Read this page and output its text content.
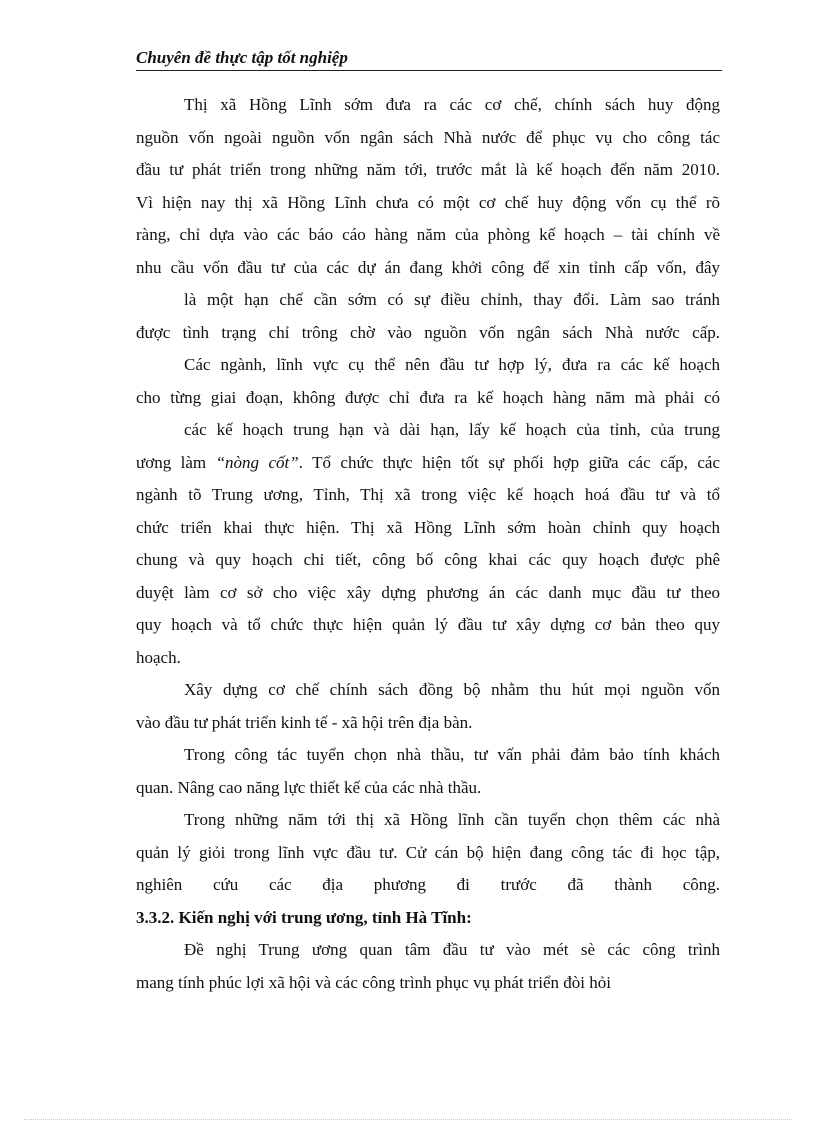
Chuyên đề thực tập tốt nghiệp
Thị xã Hồng Lĩnh sớm đưa ra các cơ chế, chính sách huy động
nguồn vốn ngoài nguồn vốn ngân sách Nhà nước để phục vụ cho công tác
đầu tư phát triển trong những năm tới, trước mắt là kế hoạch đến năm 2010.
Vì hiện nay thị xã Hồng Lĩnh chưa có một cơ chế huy động vốn cụ thể rõ
ràng, chỉ dựa vào các báo cáo hàng năm của phòng kế hoạch – tài chính về
nhu cầu vốn đầu tư của các dự án đang khởi công để xin tỉnh cấp vốn, đây
là một hạn chế cần sớm có sự điều chỉnh, thay đổi. Làm sao tránh
được tình trạng chỉ trông chờ vào nguồn vốn ngân sách Nhà nước cấp.
Các ngành, lĩnh vực cụ thể nên đầu tư hợp lý, đưa ra các kế hoạch
cho từng giai đoạn, không được chỉ đưa ra kế hoạch hàng năm mà phải có
các kế hoạch trung hạn và dài hạn, lấy kế hoạch của tỉnh, của trung
ương làm “nòng cốt”. Tổ chức thực hiện tốt sự phối hợp giữa các cấp, các
ngành tõ Trung ương, Tỉnh, Thị xã trong việc kế hoạch hoá đầu tư và tổ
chức triển khai thực hiện. Thị xã Hồng Lĩnh sớm hoàn chỉnh quy hoạch
chung và quy hoạch chi tiết, công bố công khai các quy hoạch được phê
duyệt làm cơ sở cho việc xây dựng phương án các danh mục đầu tư theo
quy hoạch và tổ chức thực hiện quản lý đầu tư xây dựng cơ bản theo quy
hoạch.
Xây dựng cơ chế chính sách đồng bộ nhằm thu hút mọi nguồn vốn
vào đầu tư phát triển kinh tế - xã hội trên địa bàn.
Trong công tác tuyển chọn nhà thầu, tư vấn phải đảm bảo tính khách
quan. Nâng cao năng lực thiết kế của các nhà thầu.
Trong những năm tới thị xã Hồng lĩnh cần tuyển chọn thêm các nhà
quản lý giỏi trong lĩnh vực đầu tư. Cử cán bộ hiện đang công tác đi học tập,
nghiên cứu các địa phương đi trước đã thành công.
3.3.2. Kiến nghị với trung ương, tỉnh Hà Tĩnh:
Đề nghị Trung ương quan tâm đầu tư vào mét sè các công trình
mang tính phúc lợi xã hội và các công trình phục vụ phát triển đòi hỏi
